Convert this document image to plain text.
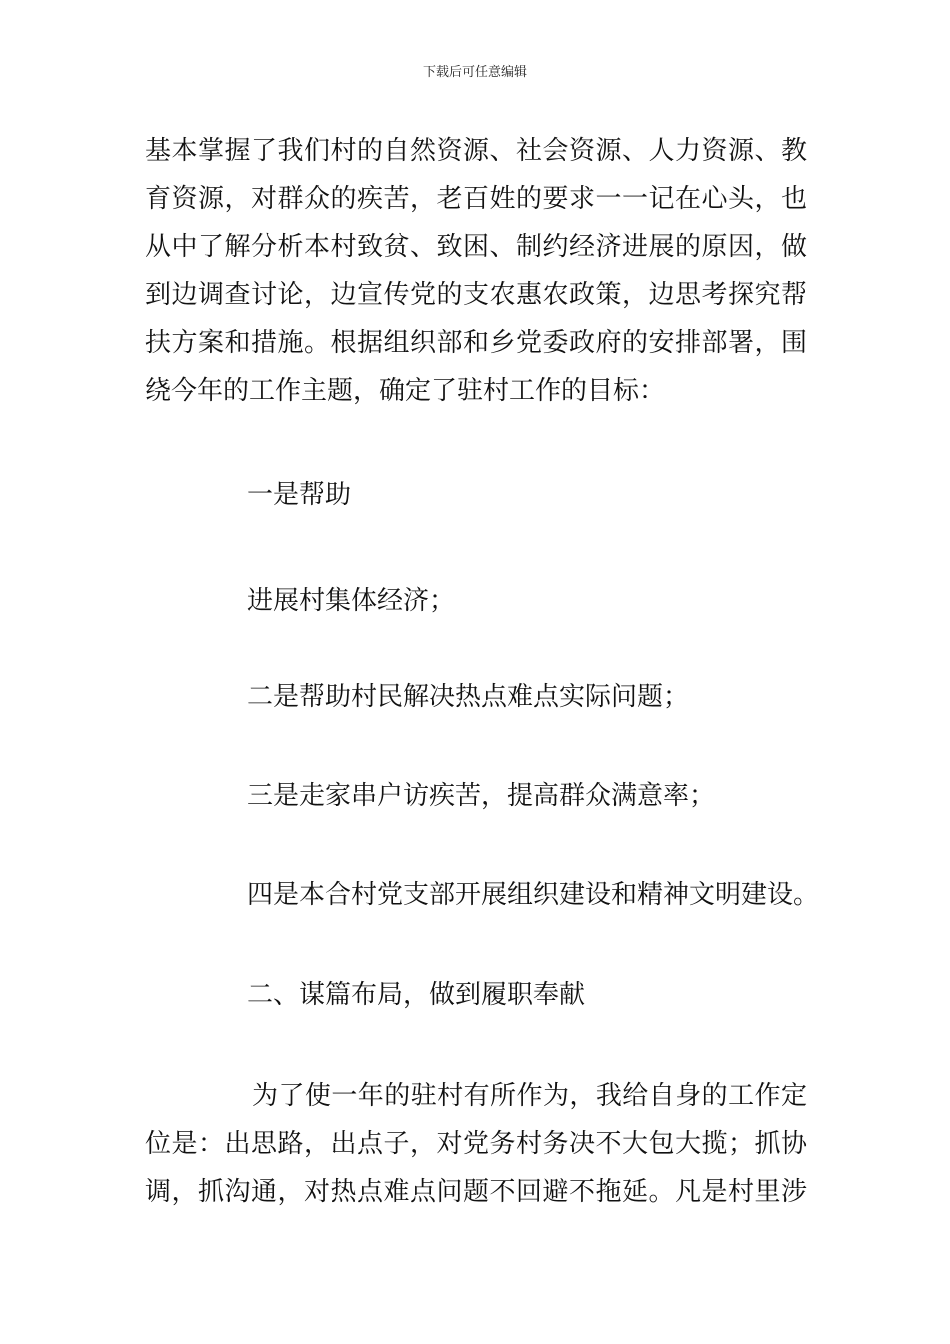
下载后可任意编辑
基本掌握了我们村的自然资源、社会资源、人力资源、教
育资源，对群众的疾苦，老百姓的要求一一记在心头，也
从中了解分析本村致贫、致困、制约经济进展的原因，做
到边调查讨论，边宣传党的支农惠农政策，边思考探究帮
扶方案和措施。根据组织部和乡党委政府的安排部署，围
绕今年的工作主题，确定了驻村工作的目标：
一是帮助
进展村集体经济；
二是帮助村民解决热点难点实际问题；
三是走家串户访疾苦，提高群众满意率；
四是本合村党支部开展组织建设和精神文明建设。
二、谋篇布局，做到履职奉献
为了使一年的驻村有所作为，我给自身的工作定
位是：出思路，出点子，对党务村务决不大包大揽；抓协
调，抓沟通，对热点难点问题不回避不拖延。凡是村里涉
